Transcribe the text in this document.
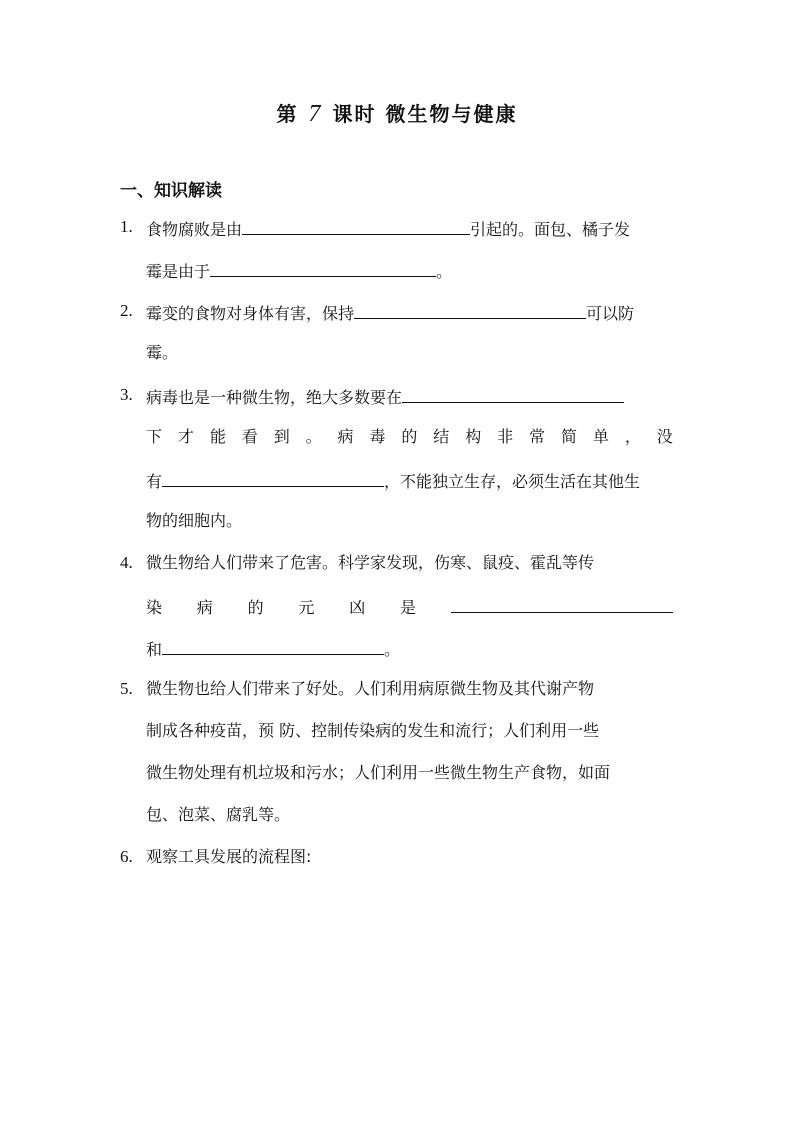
第 7 课时 微生物与健康
一、知识解读
1. 食物腐败是由	引起的。面包、橘子发
霉是由于	。
2. 霉变的食物对身体有害，保持	可以防
霉。
3. 病毒也是一种微生物，绝大多数要在
下 才 能 看 到 。 病 毒 的 结 构 非 常 简 单 ， 没
有	，不能独立生存，必须生活在其他生
物的细胞内。
4. 微生物给人们带来了危害。科学家发现，伤寒、鼠疫、霍乱等传
染 病 的 元 凶 是
和	。
5. 微生物也给人们带来了好处。人们利用病原微生物及其代谢产物
制成各种疫苗，预 防、控制传染病的发生和流行；人们利用一些
微生物处理有机垃圾和污水；人们利用一些微生物生产食物，如面
包、泡菜、腐乳等。
6. 观察工具发展的流程图:
